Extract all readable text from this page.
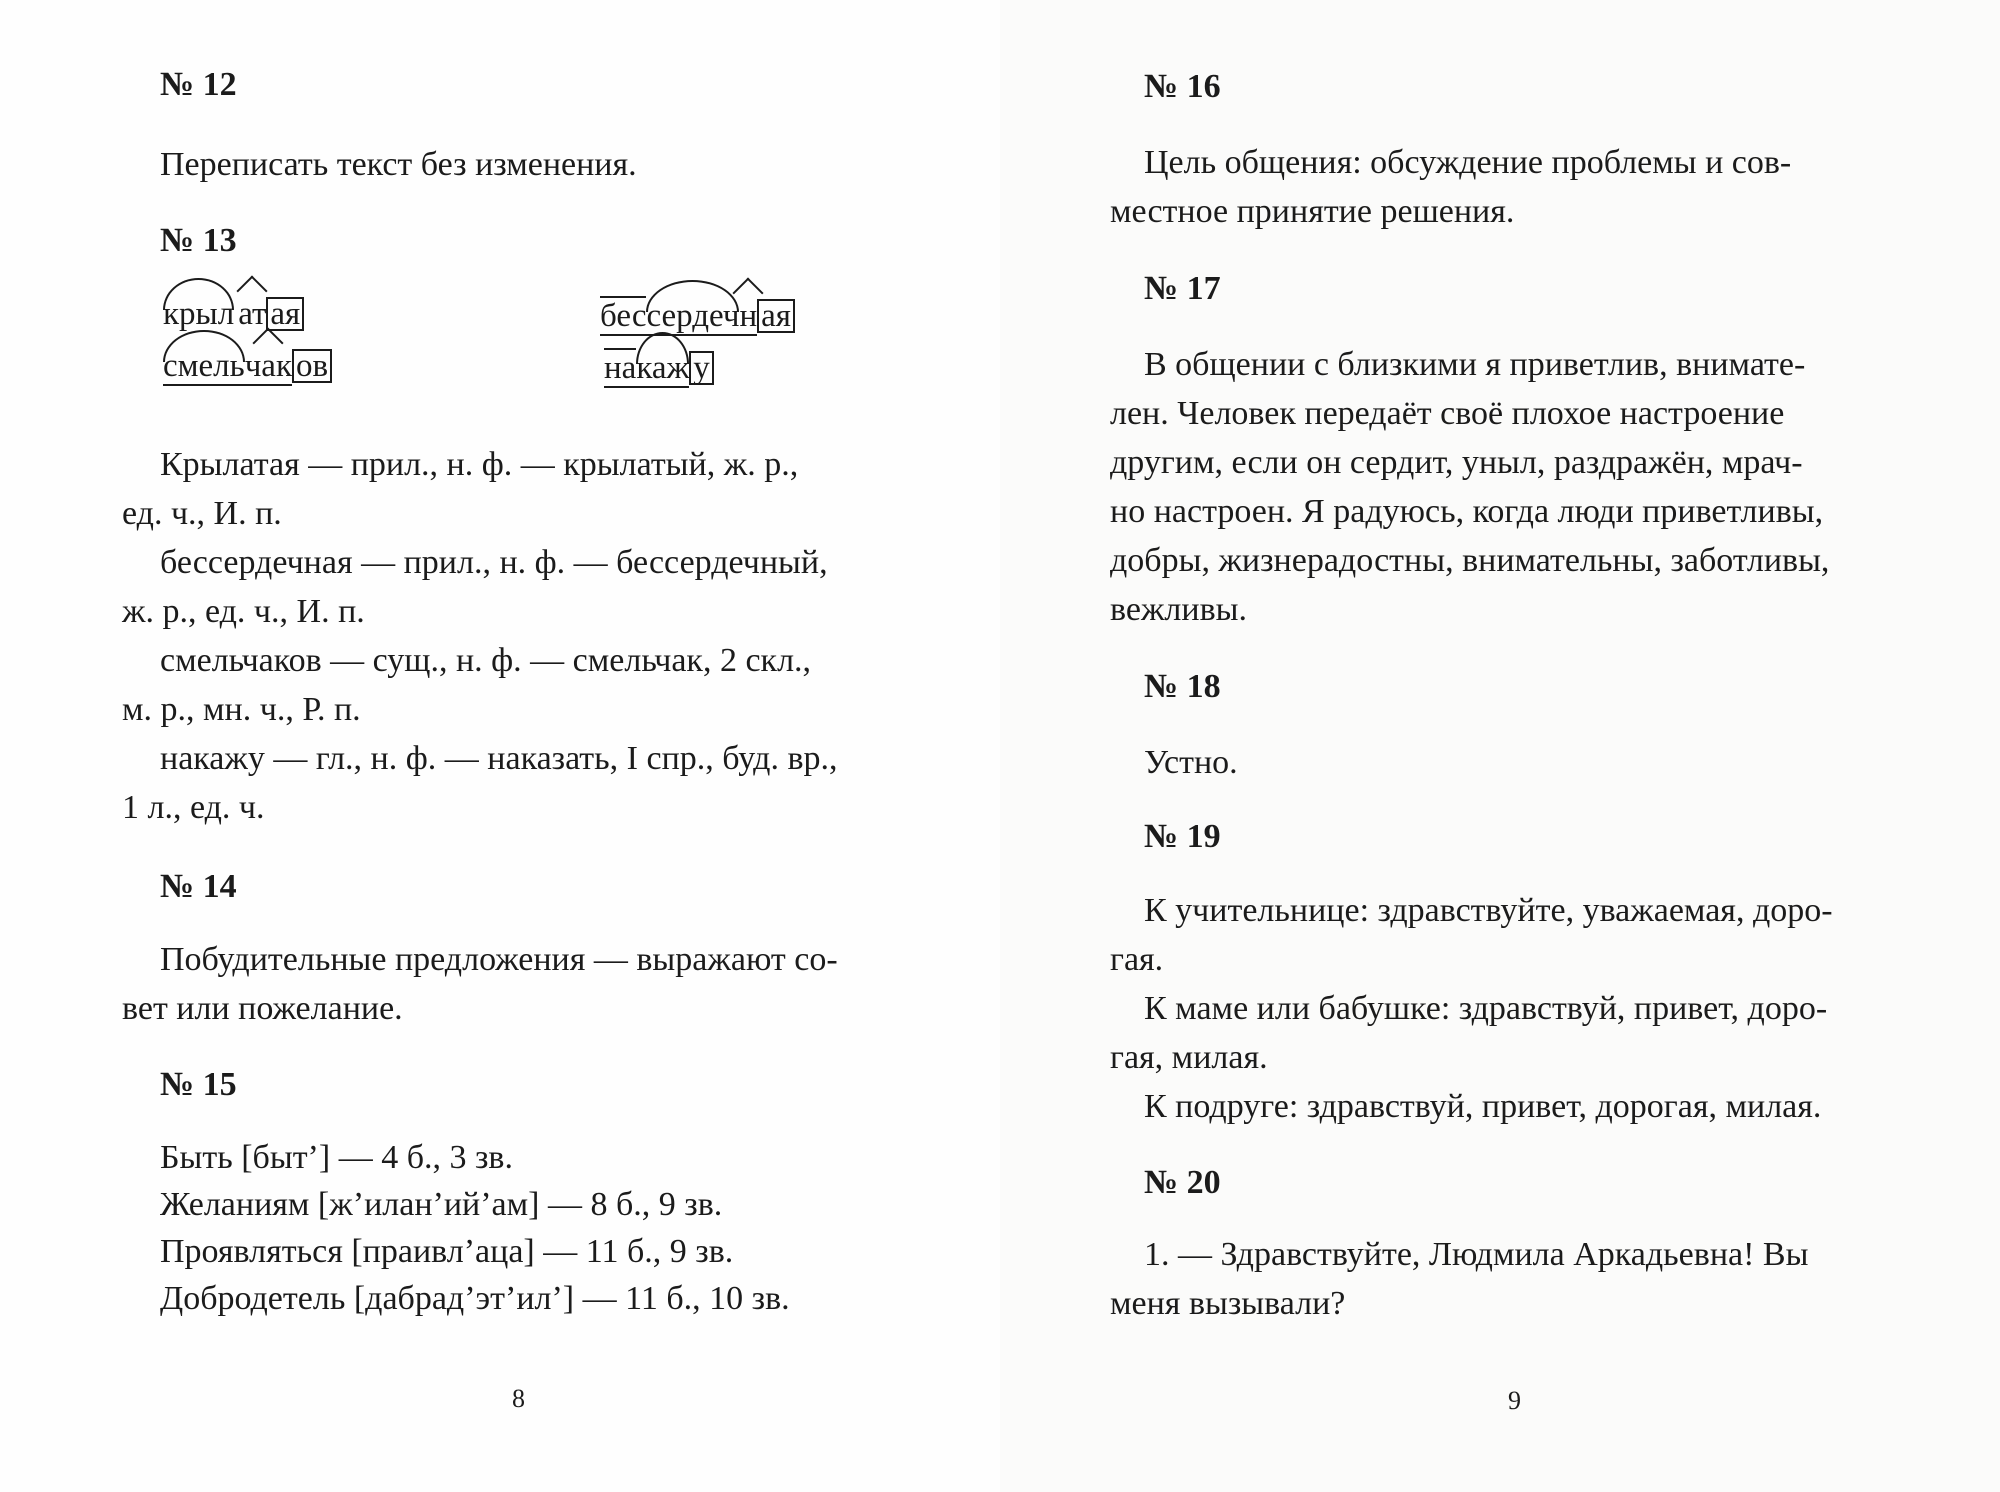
№ 12
Переписать текст без изменения.
№ 13
крыл ат ая
смель
чак ов
бес
сердеч
н ая
на
каж у
Крылатая — прил., н. ф. — крылатый, ж. р.,
ед. ч., И. п.
бессердечная — прил., н. ф. — бессердечный,
ж. р., ед. ч., И. п.
смельчаков — сущ., н. ф. — смельчак, 2 скл.,
м. р., мн. ч., Р. п.
накажу — гл., н. ф. — наказать, I спр., буд. вр.,
1 л., ед. ч.
№ 14
Побудительные предложения — выражают со-
вет или пожелание.
№ 15
Быть [быт’] — 4 б., 3 зв.
Желаниям [ж’илан’ий’ам] — 8 б., 9 зв.
Проявляться [праивл’аца] — 11 б., 9 зв.
Добродетель [дабрад’эт’ил’] — 11 б., 10 зв.
8
№ 16
Цель общения: обсуждение проблемы и сов-
местное принятие решения.
№ 17
В общении с близкими я приветлив, внимате-
лен. Человек передаёт своё плохое настроение
другим, если он сердит, уныл, раздражён, мрач-
но настроен. Я радуюсь, когда люди приветливы,
добры, жизнерадостны, внимательны, заботливы,
вежливы.
№ 18
Устно.
№ 19
К учительнице: здравствуйте, уважаемая, доро-
гая.
К маме или бабушке: здравствуй, привет, доро-
гая, милая.
К подруге: здравствуй, привет, дорогая, милая.
№ 20
1. — Здравствуйте, Людмила Аркадьевна! Вы
меня вызывали?
9
